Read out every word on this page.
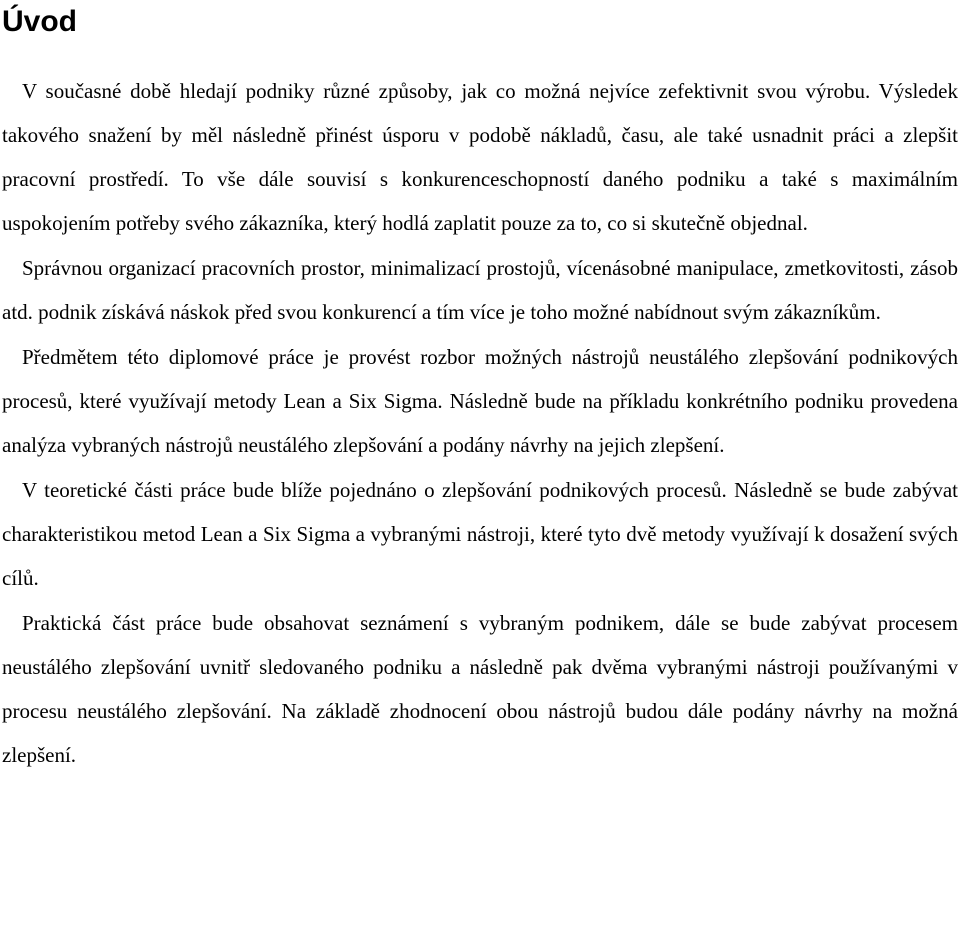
Úvod

V současné době hledají podniky různé způsoby, jak co možná nejvíce zefektivnit svou výrobu. Výsledek takového snažení by měl následně přinést úsporu v podobě nákladů, času, ale také usnadnit práci a zlepšit pracovní prostředí. To vše dále souvisí s konkurenceschopností daného podniku a také s maximálním uspokojením potřeby svého zákazníka, který hodlá zaplatit pouze za to, co si skutečně objednal.

Správnou organizací pracovních prostor, minimalizací prostojů, vícenásobné manipulace, zmetkovitosti, zásob atd. podnik získává náskok před svou konkurencí a tím více je toho možné nabídnout svým zákazníkům.

Předmětem této diplomové práce je provést rozbor možných nástrojů neustálého zlepšování podnikových procesů, které využívají metody Lean a Six Sigma. Následně bude na příkladu konkrétního podniku provedena analýza vybraných nástrojů neustálého zlepšování a podány návrhy na jejich zlepšení.

V teoretické části práce bude blíže pojednáno o zlepšování podnikových procesů. Následně se bude zabývat charakteristikou metod Lean a Six Sigma a vybranými nástroji, které tyto dvě metody využívají k dosažení svých cílů.

Praktická část práce bude obsahovat seznámení s vybraným podnikem, dále se bude zabývat procesem neustálého zlepšování uvnitř sledovaného podniku a následně pak dvěma vybranými nástroji používanými v procesu neustálého zlepšování. Na základě zhodnocení obou nástrojů budou dále podány návrhy na možná zlepšení.
